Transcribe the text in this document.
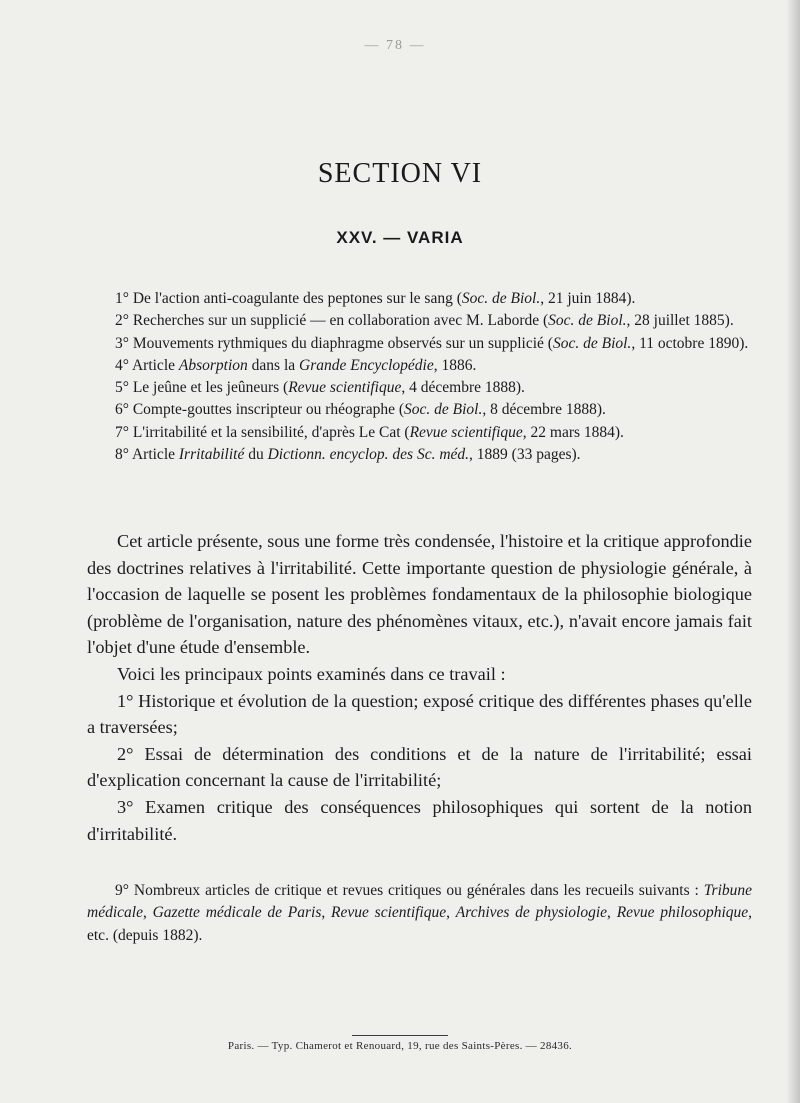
— 78 —
SECTION VI
XXV. — VARIA

1° De l'action anti-coagulante des peptones sur le sang (Soc. de Biol., 21 juin 1884).

2° Recherches sur un supplicié — en collaboration avec M. Laborde (Soc. de Biol., 28 juillet 1885).

3° Mouvements rythmiques du diaphragme observés sur un supplicié (Soc. de Biol., 11 octobre 1890).

4° Article Absorption dans la Grande Encyclopédie, 1886.

5° Le jeûne et les jeûneurs (Revue scientifique, 4 décembre 1888).

6° Compte-gouttes inscripteur ou rhéographe (Soc. de Biol., 8 décembre 1888).

7° L'irritabilité et la sensibilité, d'après Le Cat (Revue scientifique, 22 mars 1884).

8° Article Irritabilité du Dictionn. encyclop. des Sc. méd., 1889 (33 pages).

Cet article présente, sous une forme très condensée, l'histoire et la critique approfondie des doctrines relatives à l'irritabilité. Cette importante question de physiologie générale, à l'occasion de laquelle se posent les problèmes fondamentaux de la philosophie biologique (problème de l'organisation, nature des phénomènes vitaux, etc.), n'avait encore jamais fait l'objet d'une étude d'ensemble.

Voici les principaux points examinés dans ce travail :

1° Historique et évolution de la question; exposé critique des différentes phases qu'elle a traversées;

2° Essai de détermination des conditions et de la nature de l'irritabilité; essai d'explication concernant la cause de l'irritabilité;

3° Examen critique des conséquences philosophiques qui sortent de la notion d'irritabilité.

9° Nombreux articles de critique et revues critiques ou générales dans les recueils suivants : Tribune médicale, Gazette médicale de Paris, Revue scientifique, Archives de physiologie, Revue philosophique, etc. (depuis 1882).

Paris. — Typ. Chamerot et Renouard, 19, rue des Saints-Pères. — 28436.
